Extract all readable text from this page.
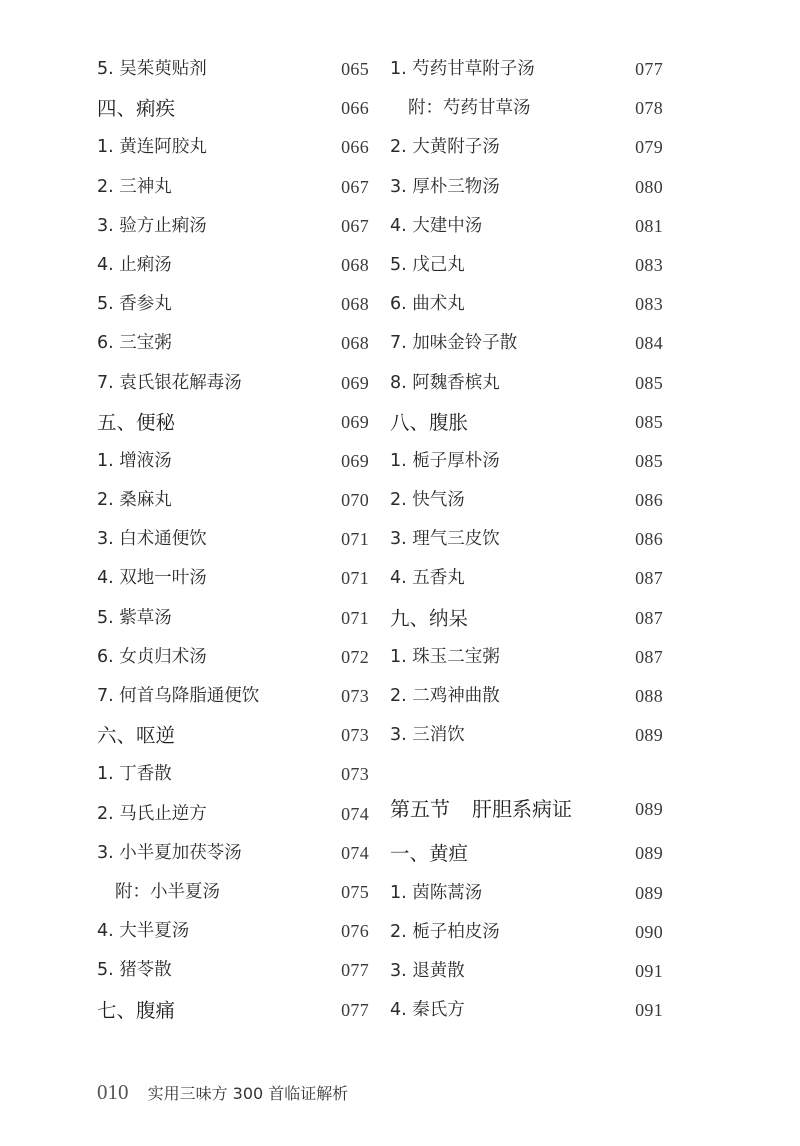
5. 吴茱萸贴剂	065
四、痢疾	066
1. 黄连阿胶丸	066
2. 三神丸	067
3. 验方止痢汤	067
4. 止痢汤	068
5. 香参丸	068
6. 三宝粥	068
7. 袁氏银花解毒汤	069
五、便秘	069
1. 增液汤	069
2. 桑麻丸	070
3. 白术通便饮	071
4. 双地一叶汤	071
5. 紫草汤	071
6. 女贞归术汤	072
7. 何首乌降脂通便饮	073
六、呕逆	073
1. 丁香散	073
2. 马氏止逆方	074
3. 小半夏加茯苓汤	074
附：小半夏汤	075
4. 大半夏汤	076
5. 猪苓散	077
七、腹痛	077
1. 芍药甘草附子汤	077
附：芍药甘草汤	078
2. 大黄附子汤	079
3. 厚朴三物汤	080
4. 大建中汤	081
5. 戊己丸	083
6. 曲术丸	083
7. 加味金铃子散	084
8. 阿魏香槟丸	085
八、腹胀	085
1. 栀子厚朴汤	085
2. 快气汤	086
3. 理气三皮饮	086
4. 五香丸	087
九、纳呆	087
1. 珠玉二宝粥	087
2. 二鸡神曲散	088
3. 三消饮	089
第五节 肝胆系病证	089
一、黄疸	089
1. 茵陈蒿汤	089
2. 栀子柏皮汤	090
3. 退黄散	091
4. 秦氏方	091
010 实用三味方 300 首临证解析
